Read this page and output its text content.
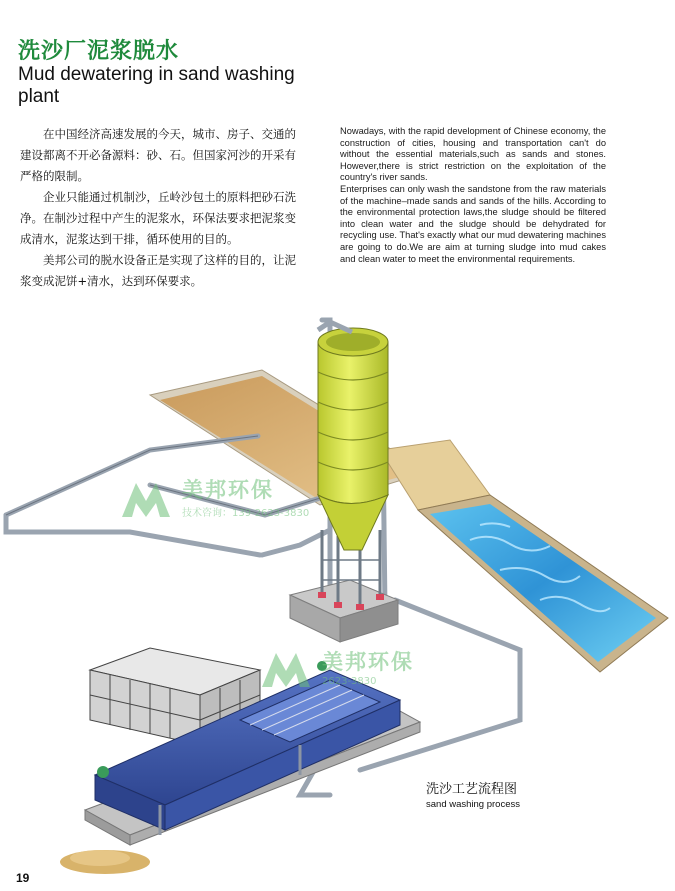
洗沙厂泥浆脱水
Mud dewatering in sand washing plant

在中国经济高速发展的今天，城市、房子、交通的建设都离不开必备源料：砂、石。但国家河沙的开采有严格的限制。

企业只能通过机制沙，丘岭沙包土的原料把砂石洗净。在制沙过程中产生的泥浆水，环保法要求把泥浆变成清水，泥浆达到干排，循环使用的目的。

美邦公司的脱水设备正是实现了这样的目的，让泥浆变成泥饼+清水，达到环保要求。

Nowadays, with the rapid development of Chinese economy, the construction of cities, housing and transportation can't do without the essential materials,such as sands and stones. However,there is strict restriction on the exploitation of the country's river sands.

Enterprises can only wash the sandstone from the raw materials of the machine–made sands and sands of the hills. According to the environmental protection laws,the sludge should be filtered into clean water and the sludge should be dehydrated for recycling use. That's exactly what our mud dewatering machines are going to do.We are aim at turning sludge into mud cakes and clean water to meet the environmental requirements.

美邦环保
技术咨询：139-2623-3830
美邦环保
2623-3830
洗沙工艺流程图
sand washing process
19
